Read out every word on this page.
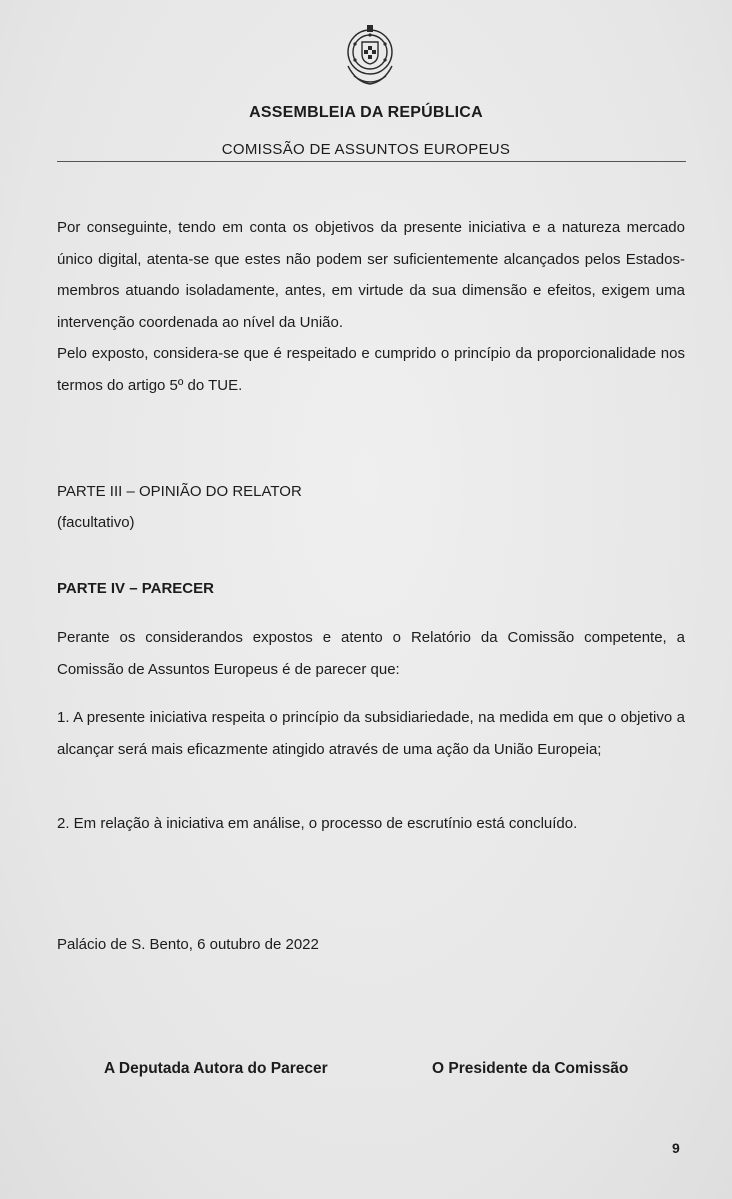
ASSEMBLEIA DA REPÚBLICA
COMISSÃO DE ASSUNTOS EUROPEUS

Por conseguinte, tendo em conta os objetivos da presente iniciativa e a natureza mercado único digital, atenta-se que estes não podem ser suficientemente alcançados pelos Estados-membros atuando isoladamente, antes, em virtude da sua dimensão e efeitos, exigem uma intervenção coordenada ao nível da União.

Pelo exposto, considera-se que é respeitado e cumprido o princípio da proporcionalidade nos termos do artigo 5º do TUE.

PARTE III – OPINIÃO DO RELATOR
(facultativo)
PARTE IV – PARECER

Perante os considerandos expostos e atento o Relatório da Comissão competente, a Comissão de Assuntos Europeus é de parecer que:

1. A presente iniciativa respeita o princípio da subsidiariedade, na medida em que o objetivo a alcançar será mais eficazmente atingido através de uma ação da União Europeia;

2. Em relação à iniciativa em análise, o processo de escrutínio está concluído.

Palácio de S. Bento, 6 outubro de 2022
A Deputada Autora do Parecer	O Presidente da Comissão
9
